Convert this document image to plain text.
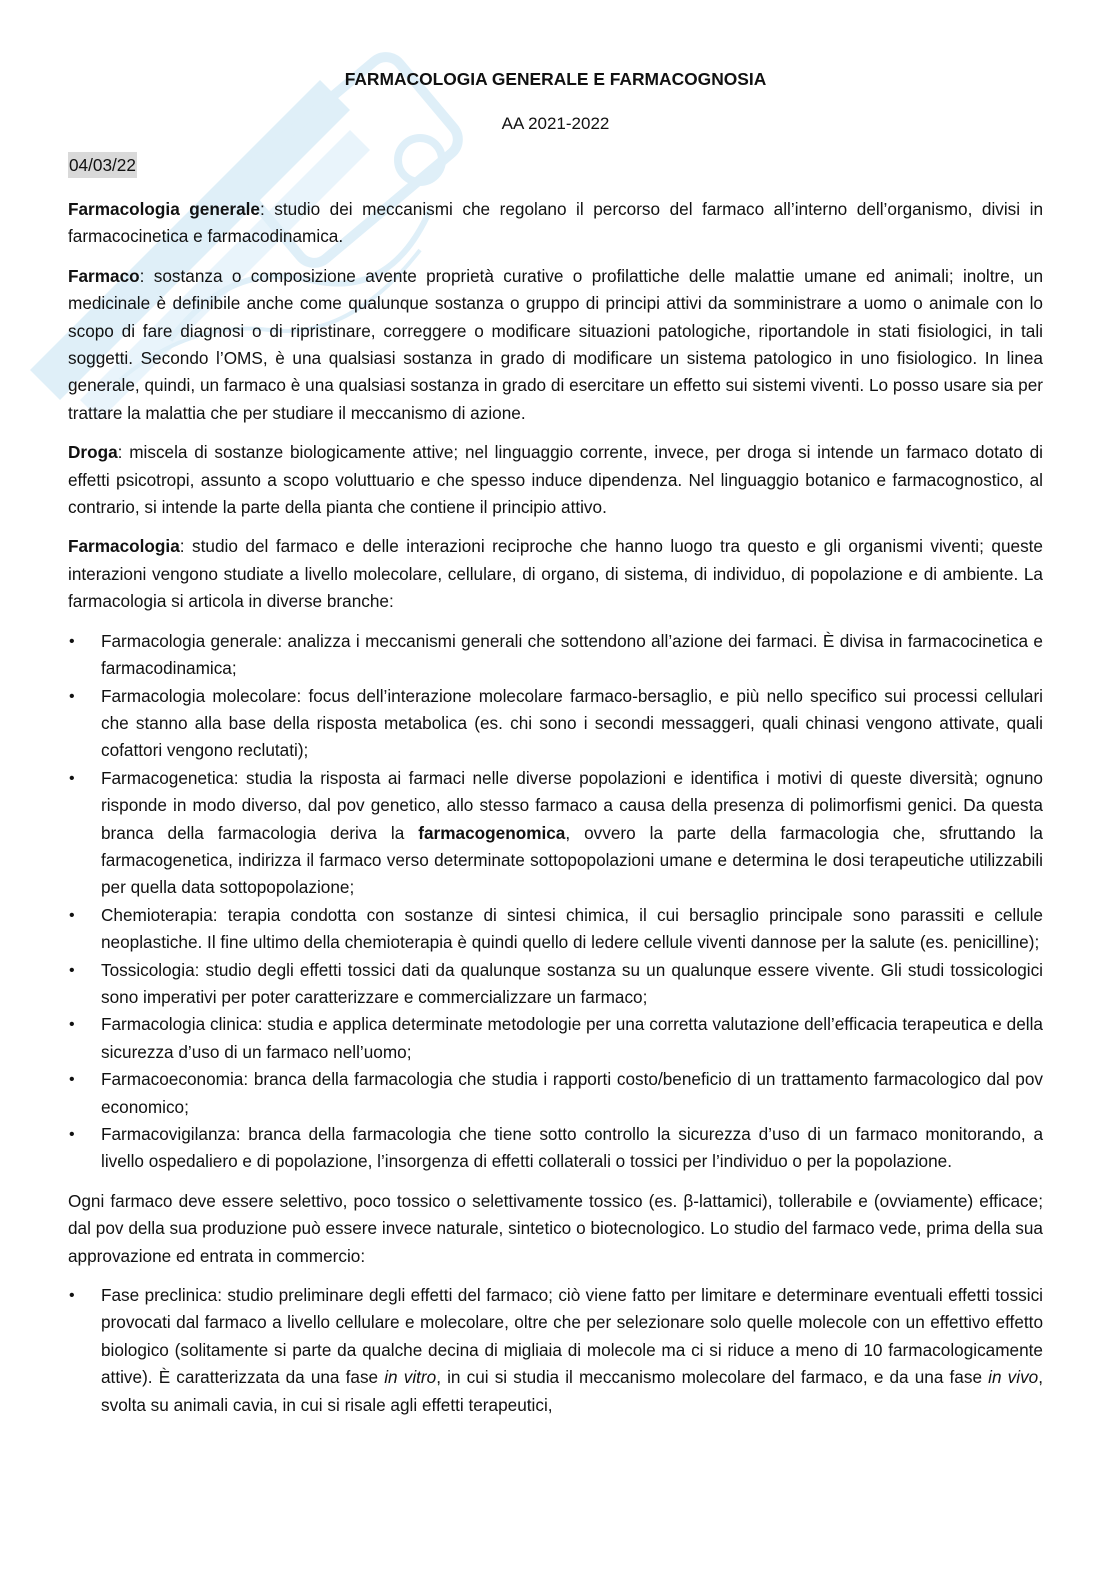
FARMACOLOGIA GENERALE E FARMACOGNOSIA
AA 2021-2022
04/03/22

Farmacologia generale: studio dei meccanismi che regolano il percorso del farmaco all’interno dell’organismo, divisi in farmacocinetica e farmacodinamica.

Farmaco: sostanza o composizione avente proprietà curative o profilattiche delle malattie umane ed animali; inoltre, un medicinale è definibile anche come qualunque sostanza o gruppo di principi attivi da somministrare a uomo o animale con lo scopo di fare diagnosi o di ripristinare, correggere o modificare situazioni patologiche, riportandole in stati fisiologici, in tali soggetti. Secondo l’OMS, è una qualsiasi sostanza in grado di modificare un sistema patologico in uno fisiologico. In linea generale, quindi, un farmaco è una qualsiasi sostanza in grado di esercitare un effetto sui sistemi viventi. Lo posso usare sia per trattare la malattia che per studiare il meccanismo di azione.

Droga: miscela di sostanze biologicamente attive; nel linguaggio corrente, invece, per droga si intende un farmaco dotato di effetti psicotropi, assunto a scopo voluttuario e che spesso induce dipendenza. Nel linguaggio botanico e farmacognostico, al contrario, si intende la parte della pianta che contiene il principio attivo.

Farmacologia: studio del farmaco e delle interazioni reciproche che hanno luogo tra questo e gli organismi viventi; queste interazioni vengono studiate a livello molecolare, cellulare, di organo, di sistema, di individuo, di popolazione e di ambiente. La farmacologia si articola in diverse branche:

•	Farmacologia generale: analizza i meccanismi generali che sottendono all’azione dei farmaci. È divisa in farmacocinetica e farmacodinamica;
•	Farmacologia molecolare: focus dell’interazione molecolare farmaco-bersaglio, e più nello specifico sui processi cellulari che stanno alla base della risposta metabolica (es. chi sono i secondi messaggeri, quali chinasi vengono attivate, quali cofattori vengono reclutati);
•	Farmacogenetica: studia la risposta ai farmaci nelle diverse popolazioni e identifica i motivi di queste diversità; ognuno risponde in modo diverso, dal pov genetico, allo stesso farmaco a causa della presenza di polimorfismi genici. Da questa branca della farmacologia deriva la farmacogenomica, ovvero la parte della farmacologia che, sfruttando la farmacogenetica, indirizza il farmaco verso determinate sottopopolazioni umane e determina le dosi terapeutiche utilizzabili per quella data sottopopolazione;
•	Chemioterapia: terapia condotta con sostanze di sintesi chimica, il cui bersaglio principale sono parassiti e cellule neoplastiche. Il fine ultimo della chemioterapia è quindi quello di ledere cellule viventi dannose per la salute (es. penicilline);
•	Tossicologia: studio degli effetti tossici dati da qualunque sostanza su un qualunque essere vivente. Gli studi tossicologici sono imperativi per poter caratterizzare e commercializzare un farmaco;
•	Farmacologia clinica: studia e applica determinate metodologie per una corretta valutazione dell’efficacia terapeutica e della sicurezza d’uso di un farmaco nell’uomo;
•	Farmacoeconomia: branca della farmacologia che studia i rapporti costo/beneficio di un trattamento farmacologico dal pov economico;
•	Farmacovigilanza: branca della farmacologia che tiene sotto controllo la sicurezza d’uso di un farmaco monitorando, a livello ospedaliero e di popolazione, l’insorgenza di effetti collaterali o tossici per l’individuo o per la popolazione.

Ogni farmaco deve essere selettivo, poco tossico o selettivamente tossico (es. β-lattamici), tollerabile e (ovviamente) efficace; dal pov della sua produzione può essere invece naturale, sintetico o biotecnologico. Lo studio del farmaco vede, prima della sua approvazione ed entrata in commercio:

•	Fase preclinica: studio preliminare degli effetti del farmaco; ciò viene fatto per limitare e determinare eventuali effetti tossici provocati dal farmaco a livello cellulare e molecolare, oltre che per selezionare solo quelle molecole con un effettivo effetto biologico (solitamente si parte da qualche decina di migliaia di molecole ma ci si riduce a meno di 10 farmacologicamente attive). È caratterizzata da una fase in vitro, in cui si studia il meccanismo molecolare del farmaco, e da una fase in vivo, svolta su animali cavia, in cui si risale agli effetti terapeutici,
